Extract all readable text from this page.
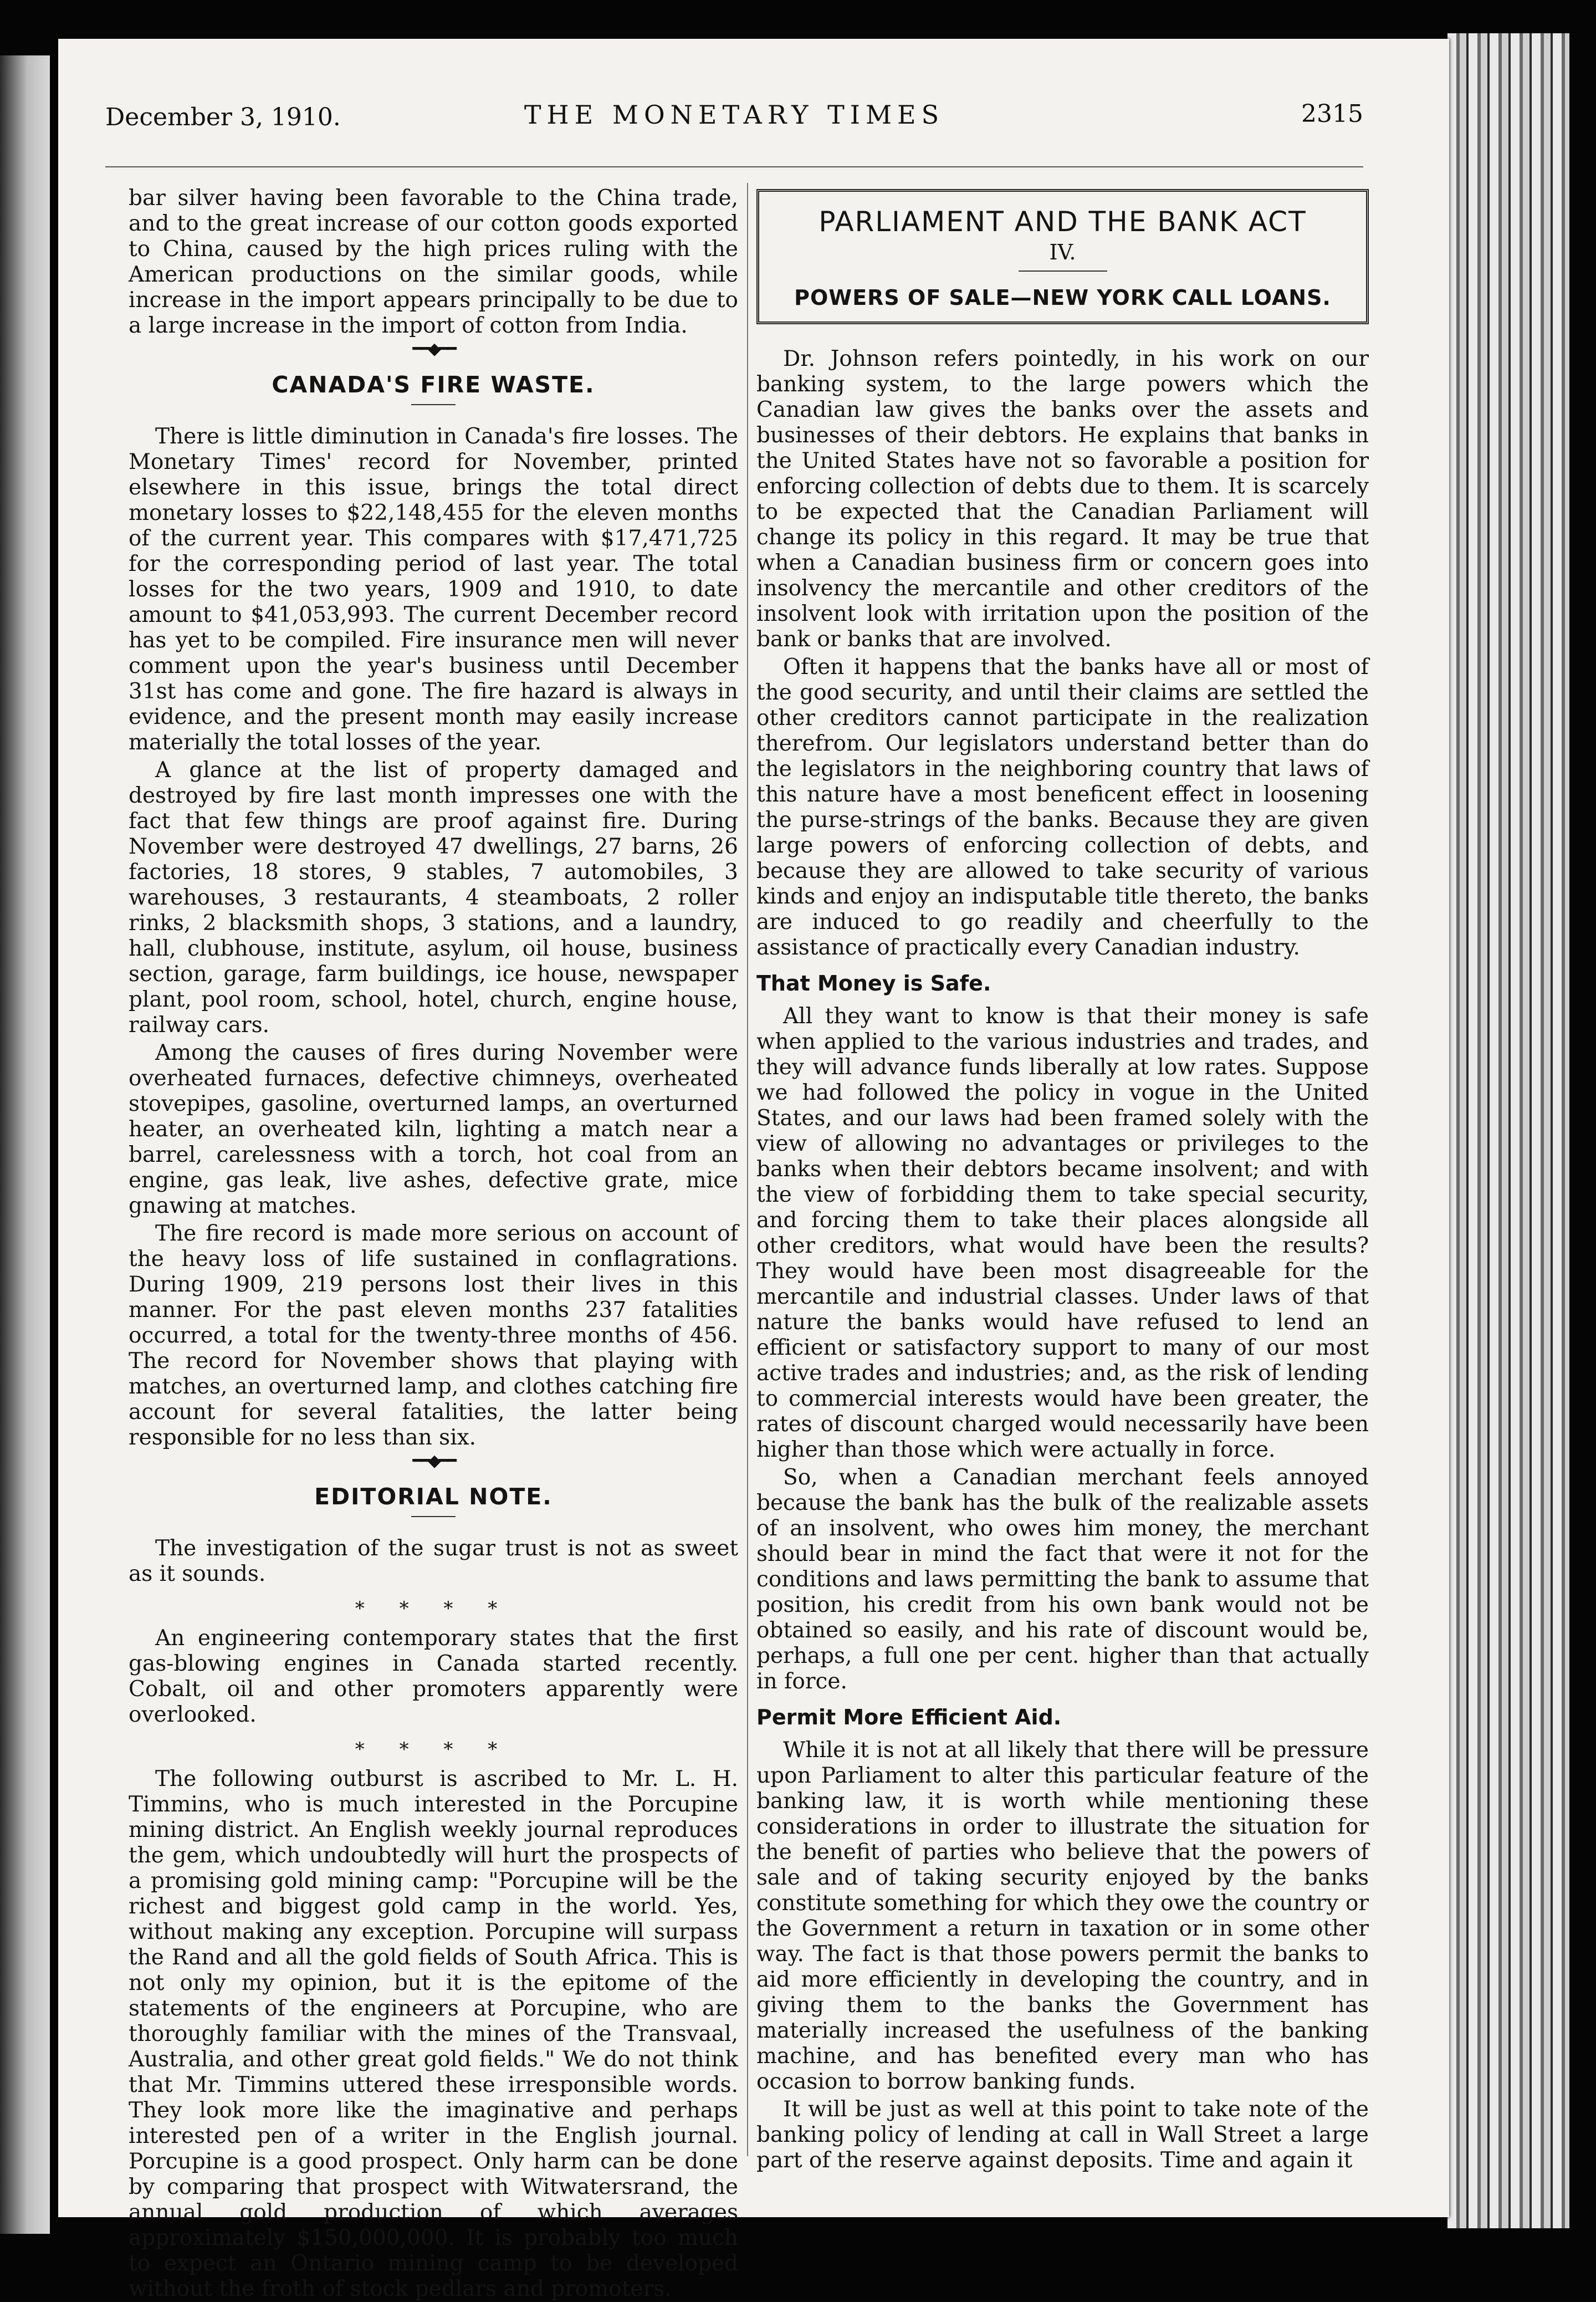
December 3, 1910.	THE MONETARY TIMES	2315

bar silver having been favorable to the China trade, and to the great increase of our cotton goods exported to China, caused by the high prices ruling with the American productions on the similar goods, while increase in the import appears principally to be due to a large increase in the import of cotton from India.

━━◆━━
CANADA'S FIRE WASTE.

There is little diminution in Canada's fire losses. The Monetary Times' record for November, printed elsewhere in this issue, brings the total direct monetary losses to $22,148,455 for the eleven months of the current year. This compares with $17,471,725 for the corresponding period of last year. The total losses for the two years, 1909 and 1910, to date amount to $41,053,993. The current December record has yet to be compiled. Fire insurance men will never comment upon the year's business until December 31st has come and gone. The fire hazard is always in evidence, and the present month may easily increase materially the total losses of the year.

A glance at the list of property damaged and destroyed by fire last month impresses one with the fact that few things are proof against fire. During November were destroyed 47 dwellings, 27 barns, 26 factories, 18 stores, 9 stables, 7 automobiles, 3 warehouses, 3 restaurants, 4 steamboats, 2 roller rinks, 2 blacksmith shops, 3 stations, and a laundry, hall, clubhouse, institute, asylum, oil house, business section, garage, farm buildings, ice house, newspaper plant, pool room, school, hotel, church, engine house, railway cars.

Among the causes of fires during November were overheated furnaces, defective chimneys, overheated stovepipes, gasoline, overturned lamps, an overturned heater, an overheated kiln, lighting a match near a barrel, carelessness with a torch, hot coal from an engine, gas leak, live ashes, defective grate, mice gnawing at matches.

The fire record is made more serious on account of the heavy loss of life sustained in conflagrations. During 1909, 219 persons lost their lives in this manner. For the past eleven months 237 fatalities occurred, a total for the twenty-three months of 456. The record for November shows that playing with matches, an overturned lamp, and clothes catching fire account for several fatalities, the latter being responsible for no less than six.

━━◆━━
EDITORIAL NOTE.

The investigation of the sugar trust is not as sweet as it sounds.

* * * *

An engineering contemporary states that the first gas-blowing engines in Canada started recently. Cobalt, oil and other promoters apparently were overlooked.

* * * *

The following outburst is ascribed to Mr. L. H. Timmins, who is much interested in the Porcupine mining district. An English weekly journal reproduces the gem, which undoubtedly will hurt the prospects of a promising gold mining camp: "Porcupine will be the richest and biggest gold camp in the world. Yes, without making any exception. Porcupine will surpass the Rand and all the gold fields of South Africa. This is not only my opinion, but it is the epitome of the statements of the engineers at Porcupine, who are thoroughly familiar with the mines of the Transvaal, Australia, and other great gold fields." We do not think that Mr. Timmins uttered these irresponsible words. They look more like the imaginative and perhaps interested pen of a writer in the English journal. Porcupine is a good prospect. Only harm can be done by comparing that prospect with Witwatersrand, the annual gold production of which averages approximately $150,000,000. It is probably too much to expect an Ontario mining camp to be developed without the froth of stock pedlars and promoters.

PARLIAMENT AND THE BANK ACT
IV.
POWERS OF SALE—NEW YORK CALL LOANS.

Dr. Johnson refers pointedly, in his work on our banking system, to the large powers which the Canadian law gives the banks over the assets and businesses of their debtors. He explains that banks in the United States have not so favorable a position for enforcing collection of debts due to them. It is scarcely to be expected that the Canadian Parliament will change its policy in this regard. It may be true that when a Canadian business firm or concern goes into insolvency the mercantile and other creditors of the insolvent look with irritation upon the position of the bank or banks that are involved.

Often it happens that the banks have all or most of the good security, and until their claims are settled the other creditors cannot participate in the realization therefrom. Our legislators understand better than do the legislators in the neighboring country that laws of this nature have a most beneficent effect in loosening the purse-strings of the banks. Because they are given large powers of enforcing collection of debts, and because they are allowed to take security of various kinds and enjoy an indisputable title thereto, the banks are induced to go readily and cheerfully to the assistance of practically every Canadian industry.

That Money is Safe.

All they want to know is that their money is safe when applied to the various industries and trades, and they will advance funds liberally at low rates. Suppose we had followed the policy in vogue in the United States, and our laws had been framed solely with the view of allowing no advantages or privileges to the banks when their debtors became insolvent; and with the view of forbidding them to take special security, and forcing them to take their places alongside all other creditors, what would have been the results? They would have been most disagreeable for the mercantile and industrial classes. Under laws of that nature the banks would have refused to lend an efficient or satisfactory support to many of our most active trades and industries; and, as the risk of lending to commercial interests would have been greater, the rates of discount charged would necessarily have been higher than those which were actually in force.

So, when a Canadian merchant feels annoyed because the bank has the bulk of the realizable assets of an insolvent, who owes him money, the merchant should bear in mind the fact that were it not for the conditions and laws permitting the bank to assume that position, his credit from his own bank would not be obtained so easily, and his rate of discount would be, perhaps, a full one per cent. higher than that actually in force.

Permit More Efficient Aid.

While it is not at all likely that there will be pressure upon Parliament to alter this particular feature of the banking law, it is worth while mentioning these considerations in order to illustrate the situation for the benefit of parties who believe that the powers of sale and of taking security enjoyed by the banks constitute something for which they owe the country or the Government a return in taxation or in some other way. The fact is that those powers permit the banks to aid more efficiently in developing the country, and in giving them to the banks the Government has materially increased the usefulness of the banking machine, and has benefited every man who has occasion to borrow banking funds.

It will be just as well at this point to take note of the banking policy of lending at call in Wall Street a large part of the reserve against deposits. Time and again it
